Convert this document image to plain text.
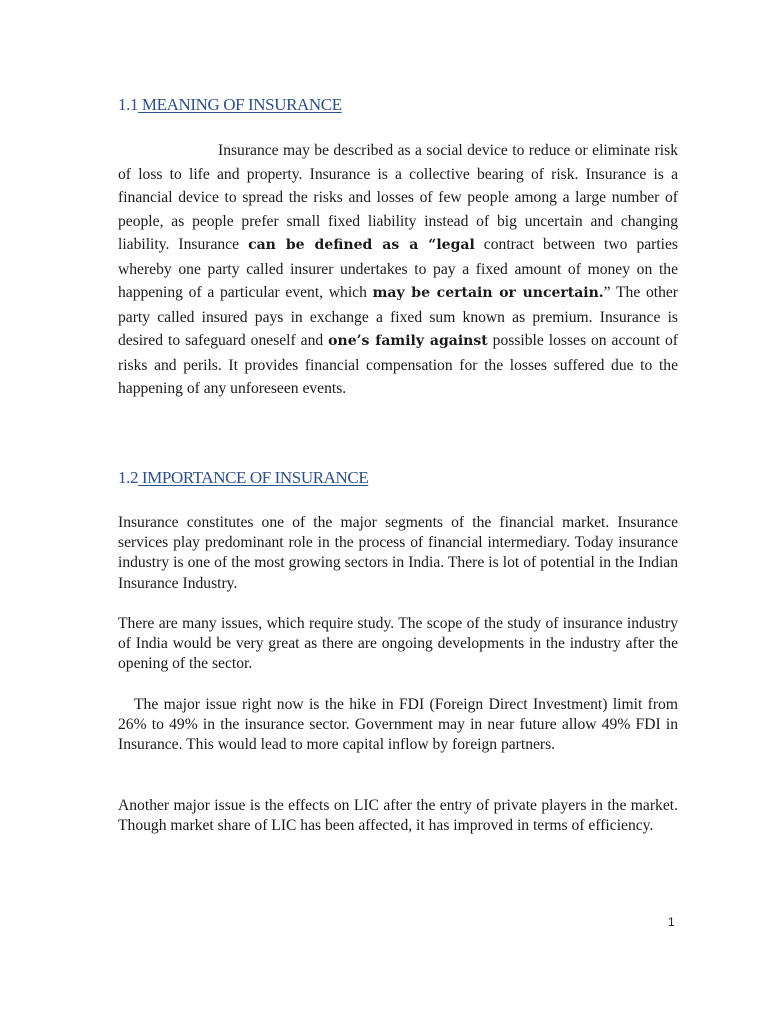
1.1 MEANING OF INSURANCE

Insurance may be described as a social device to reduce or eliminate risk of loss to life and property. Insurance is a collective bearing of risk. Insurance is a financial device to spread the risks and losses of few people among a large number of people, as people prefer small fixed liability instead of big uncertain and changing liability. Insurance can be defined as a “legal contract between two parties whereby one party called insurer undertakes to pay a fixed amount of money on the happening of a particular event, which may be certain or uncertain.” The other party called insured pays in exchange a fixed sum known as premium. Insurance is desired to safeguard oneself and one’s family against possible losses on account of risks and perils. It provides financial compensation for the losses suffered due to the happening of any unforeseen events.

1.2 IMPORTANCE OF INSURANCE

Insurance constitutes one of the major segments of the financial market. Insurance services play predominant role in the process of financial intermediary. Today insurance industry is one of the most growing sectors in India. There is lot of potential in the Indian Insurance Industry.

There are many issues, which require study. The scope of the study of insurance industry of India would be very great as there are ongoing developments in the industry after the opening of the sector.

The major issue right now is the hike in FDI (Foreign Direct Investment) limit from 26% to 49% in the insurance sector. Government may in near future allow 49% FDI in Insurance. This would lead to more capital inflow by foreign partners.

Another major issue is the effects on LIC after the entry of private players in the market. Though market share of LIC has been affected, it has improved in terms of efficiency.

1
